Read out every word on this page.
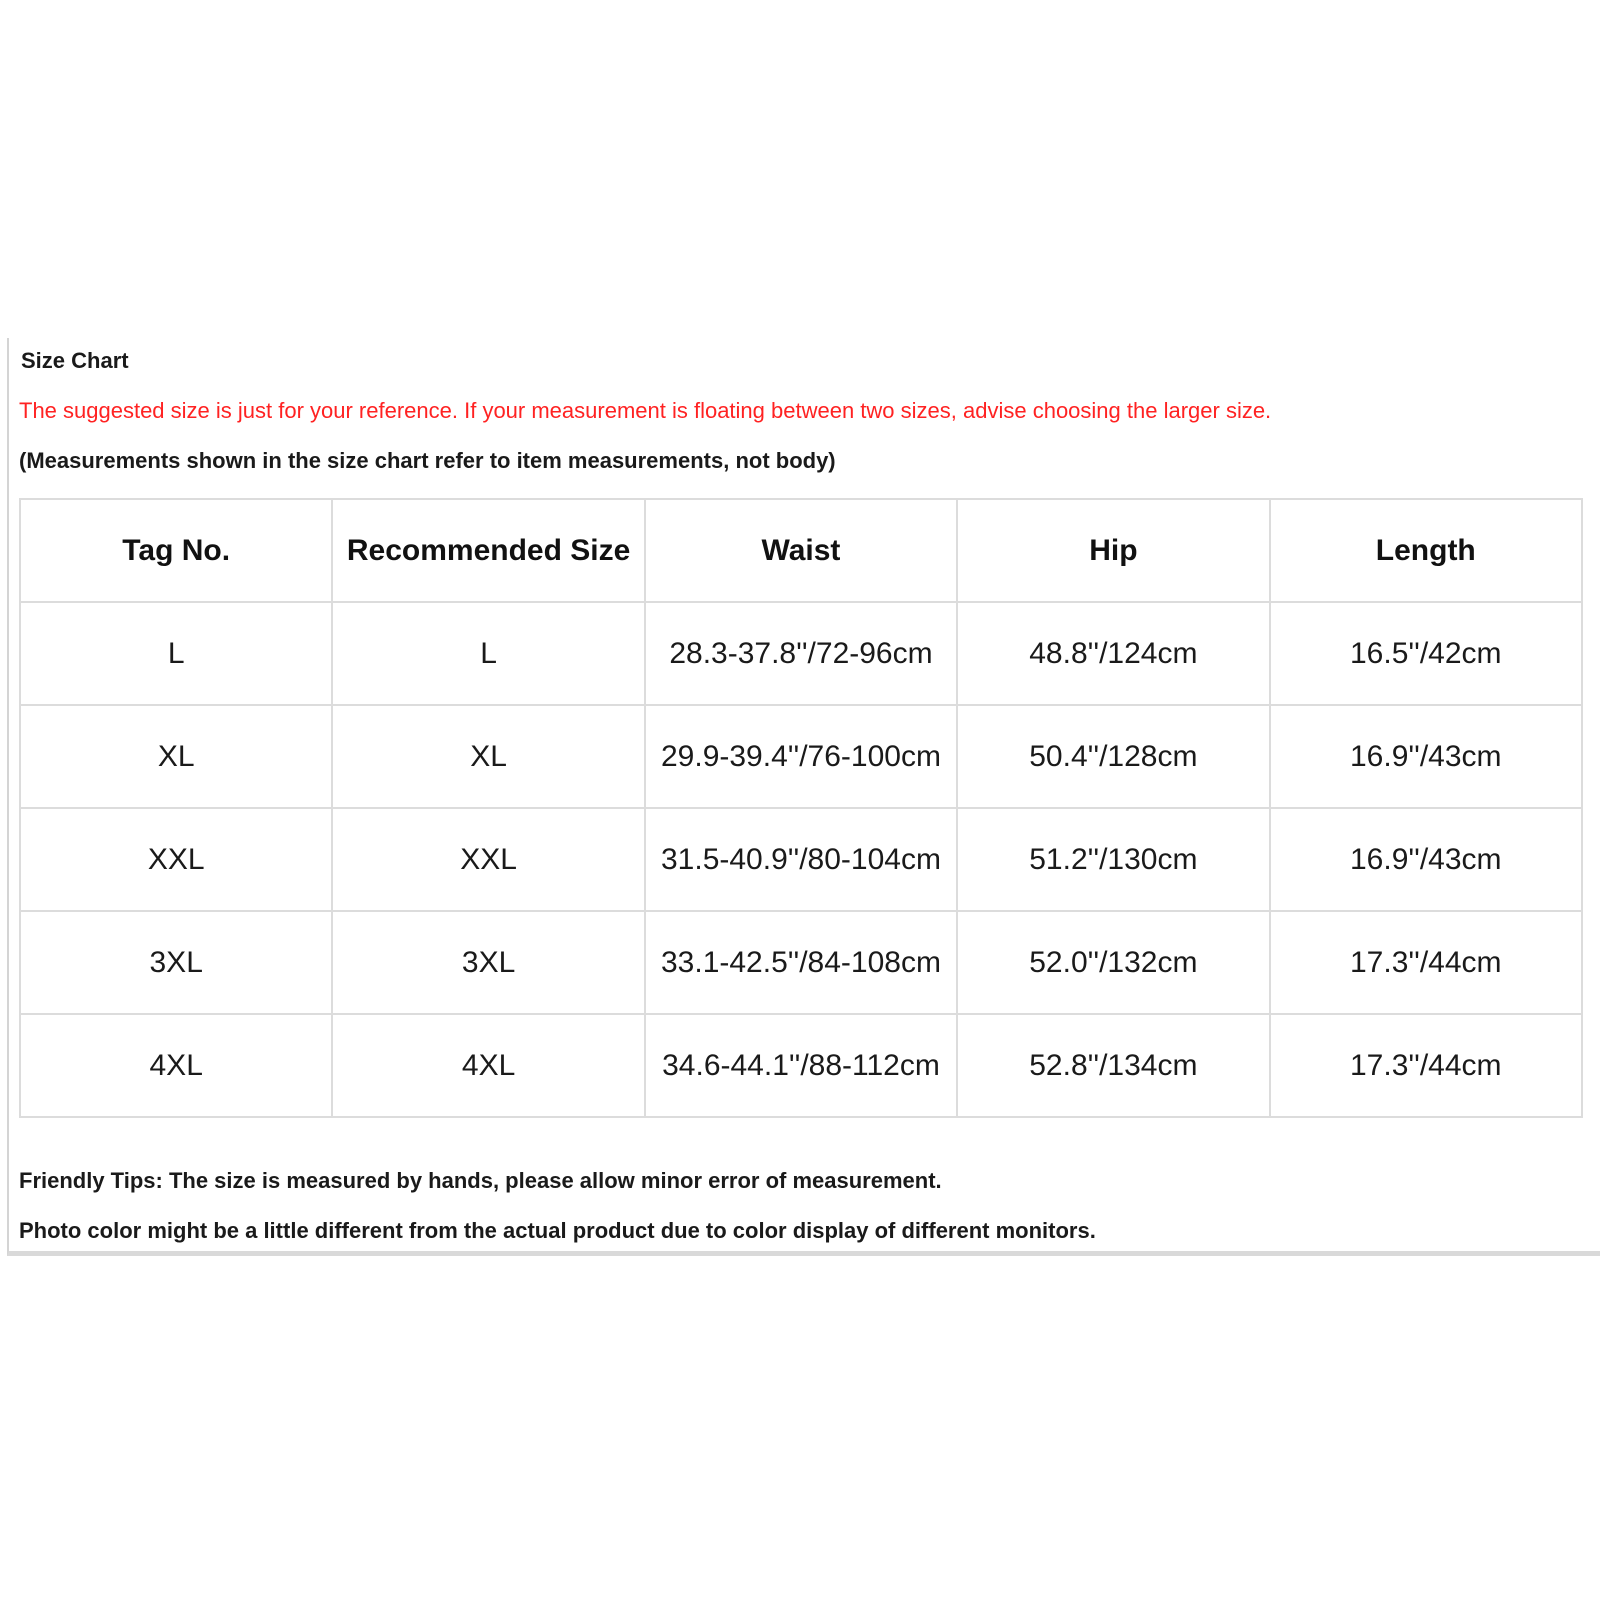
Size Chart
The suggested size is just for your reference. If your measurement is floating between two sizes, advise choosing the larger size.
(Measurements shown in the size chart refer to item measurements, not body)
Tag No.	Recommended Size	Waist	Hip	Length
L	L	28.3-37.8''/72-96cm	48.8''/124cm	16.5''/42cm
XL	XL	29.9-39.4''/76-100cm	50.4''/128cm	16.9''/43cm
XXL	XXL	31.5-40.9''/80-104cm	51.2''/130cm	16.9''/43cm
3XL	3XL	33.1-42.5''/84-108cm	52.0''/132cm	17.3''/44cm
4XL	4XL	34.6-44.1''/88-112cm	52.8''/134cm	17.3''/44cm
Friendly Tips: The size is measured by hands, please allow minor error of measurement.
Photo color might be a little different from the actual product due to color display of different monitors.
